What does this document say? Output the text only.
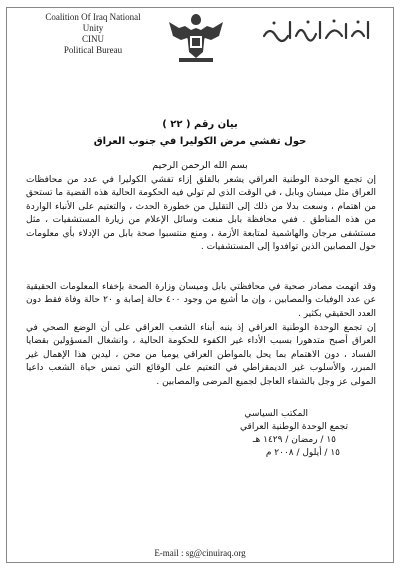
Coalition Of Iraq National Unity
CINU
Political Bureau
بيان رقم ( ٢٢ )
حول تفشي مرض الكوليرا في جنوب العراق
بسم الله الرحمن الرحيم
إن تجمع الوحدة الوطنية العراقي يشعر بالقلق إزاء تفشي الكوليرا في عدد من محافظات العراق مثل ميسان وبابل ، في الوقت الذي لم تولي فيه الحكومة الحالية هذه القضية ما تستحق من اهتمام ، وسعت بدلا من ذلك إلى التقليل من خطورة الحدث ، والتعتيم على الأنباء الواردة من هذه المناطق . ففي محافظة بابل منعت وسائل الإعلام من زيارة المستشفيات ، مثل مستشفى مرجان والهاشمية لمتابعة الأزمة ، ومنع منتسبوا صحة بابل من الإدلاء بأي معلومات حول المصابين الذين توافدوا إلى المستشفيات .
وقد اتهمت مصادر صحية في محافظتي بابل وميسان وزارة الصحة بإخفاء المعلومات الحقيقية عن عدد الوفيات والمصابين ، وإن ما أشيع من وجود ٤٠٠ حالة إصابة و ٢٠ حالة وفاة فقط دون العدد الحقيقي بكثير .
إن تجمع الوحدة الوطنية العراقي إذ ينبه أبناء الشعب العراقي على أن الوضع الصحي في العراق أصبح متدهورا بسبب الأداء غير الكفوء للحكومة الحالية ، وانشغال المسؤولين بقضايا الفساد ، دون الاهتمام بما يحل بالمواطن العراقي يوميا من محن ، ليدين هذا الإهمال غير المبرر، والأسلوب غير الديمقراطي في التعتيم على الوقائع التي تمس حياة الشعب داعيا المولى عز وجل بالشفاء العاجل لجميع المرضى والمصابين .
المكتب السياسي
تجمع الوحدة الوطنية العراقي
١٥ / رمضان / ١٤٢٩ هـ
١٥ / أيلول / ٢٠٠٨ م
E-mail : sg@cinuiraq.org
